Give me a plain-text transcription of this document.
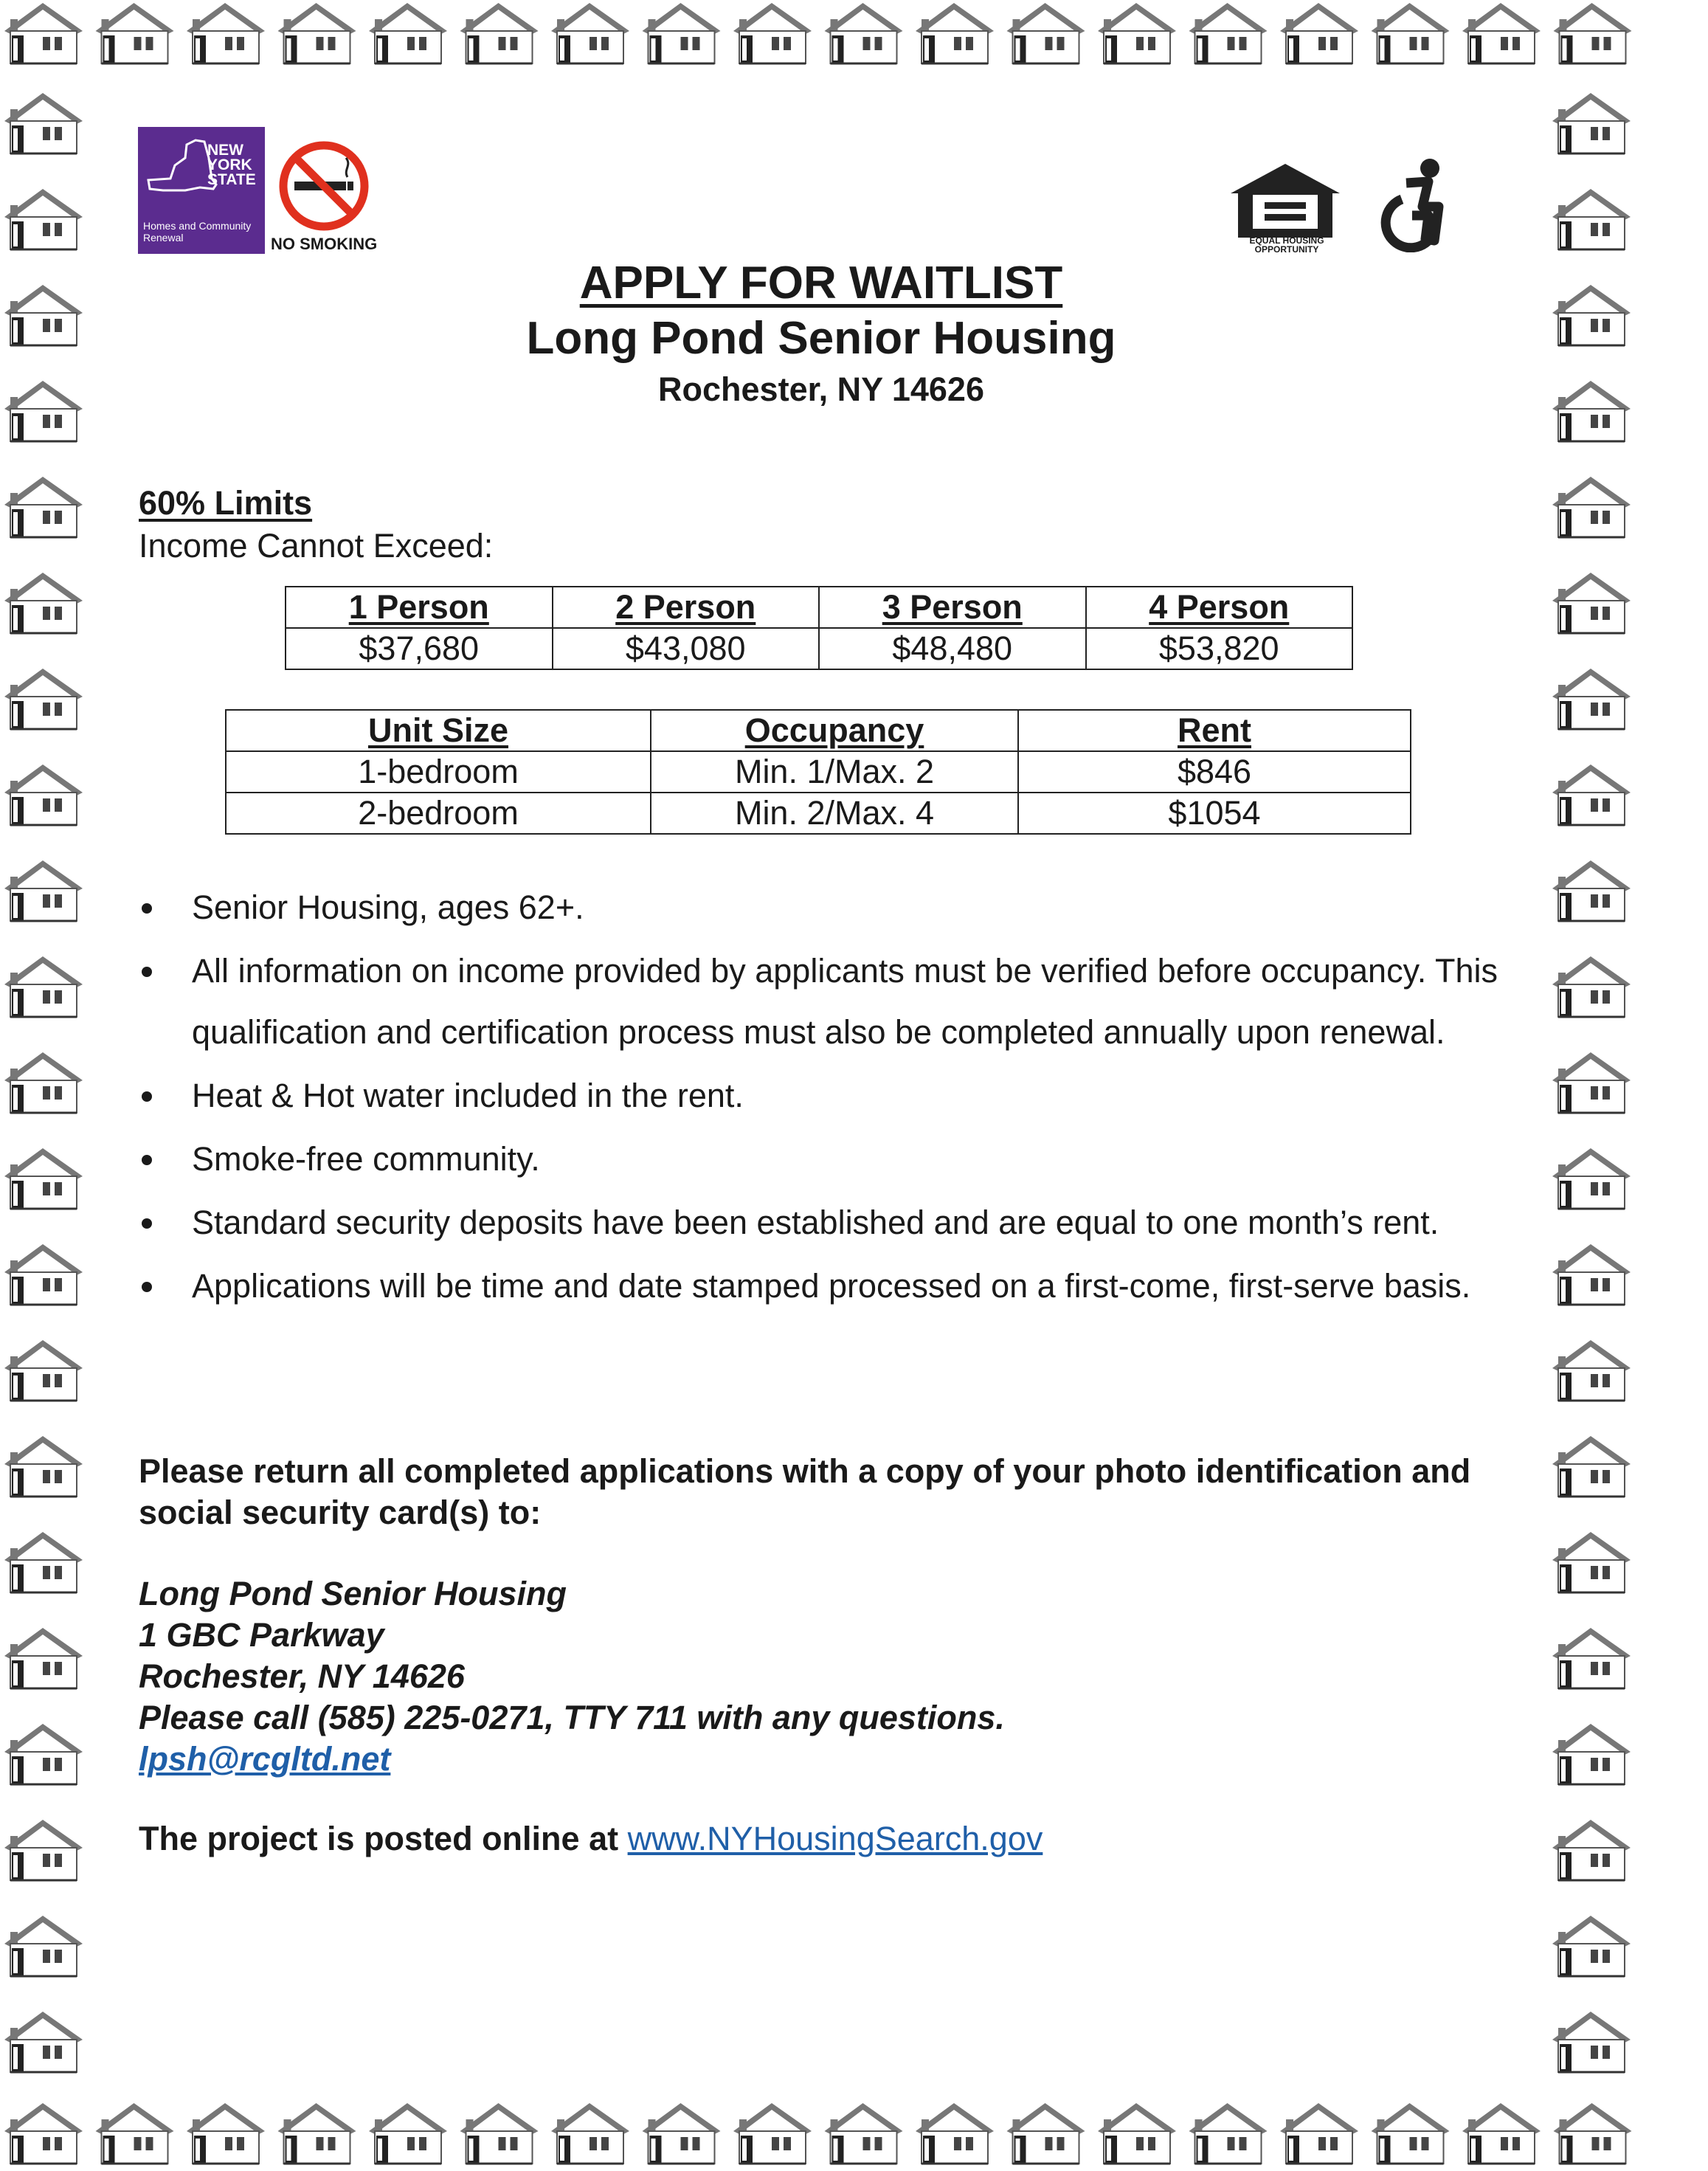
NEW YORK STATE
Homes and Community Renewal	NO SMOKING	EQUAL HOUSING OPPORTUNITY
APPLY FOR WAITLIST
Long Pond Senior Housing
Rochester, NY 14626
60% Limits
Income Cannot Exceed:
1 Person	2 Person	3 Person	4 Person
$37,680	$43,080	$48,480	$53,820
Unit Size	Occupancy	Rent
1-bedroom	Min. 1/Max. 2	$846
2-bedroom	Min. 2/Max. 4	$1054
Senior Housing, ages 62+.
All information on income provided by applicants must be verified before occupancy. This qualification and certification process must also be completed annually upon renewal.
Heat & Hot water included in the rent.
Smoke-free community.
Standard security deposits have been established and are equal to one month’s rent.
Applications will be time and date stamped processed on a first-come, first-serve basis.
Please return all completed applications with a copy of your photo identification and social security card(s) to:
Long Pond Senior Housing
1 GBC Parkway
Rochester, NY 14626
Please call (585) 225-0271, TTY 711 with any questions.
lpsh@rcgltd.net
The project is posted online at www.NYHousingSearch.gov
